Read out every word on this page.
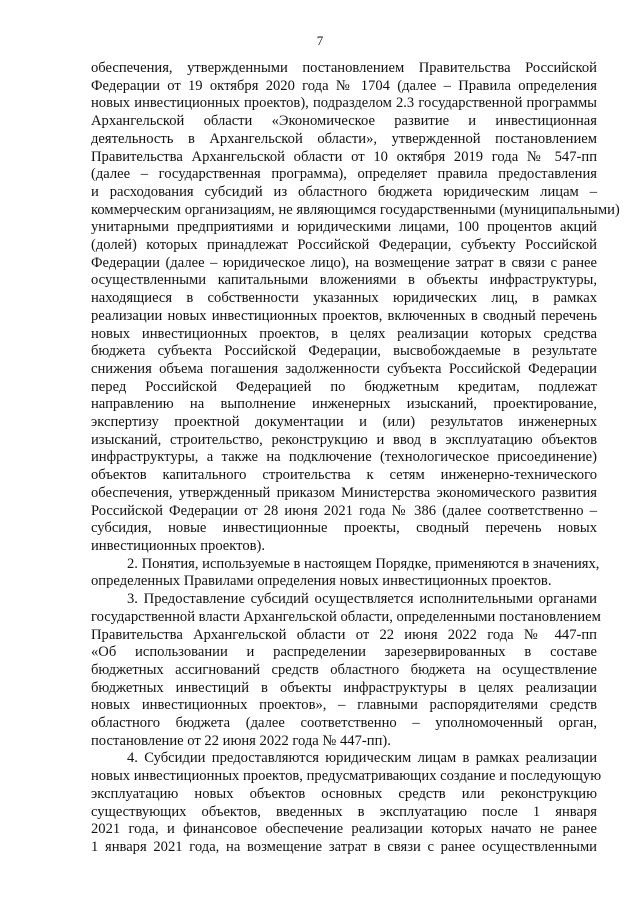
7
обеспечения, утвержденными постановлением Правительства Российской
Федерации от 19 октября 2020 года № 1704 (далее – Правила определения
новых инвестиционных проектов), подразделом 2.3 государственной программы
Архангельской области «Экономическое развитие и инвестиционная
деятельность в Архангельской области», утвержденной постановлением
Правительства Архангельской области от 10 октября 2019 года № 547-пп
(далее – государственная программа), определяет правила предоставления
и расходования субсидий из областного бюджета юридическим лицам –
коммерческим организациям, не являющимся государственными (муниципальными)
унитарными предприятиями и юридическими лицами, 100 процентов акций
(долей) которых принадлежат Российской Федерации, субъекту Российской
Федерации (далее – юридическое лицо), на возмещение затрат в связи с ранее
осуществленными капитальными вложениями в объекты инфраструктуры,
находящиеся в собственности указанных юридических лиц, в рамках
реализации новых инвестиционных проектов, включенных в сводный перечень
новых инвестиционных проектов, в целях реализации которых средства
бюджета субъекта Российской Федерации, высвобождаемые в результате
снижения объема погашения задолженности субъекта Российской Федерации
перед Российской Федерацией по бюджетным кредитам, подлежат
направлению на выполнение инженерных изысканий, проектирование,
экспертизу проектной документации и (или) результатов инженерных
изысканий, строительство, реконструкцию и ввод в эксплуатацию объектов
инфраструктуры, а также на подключение (технологическое присоединение)
объектов капитального строительства к сетям инженерно-технического
обеспечения, утвержденный приказом Министерства экономического развития
Российской Федерации от 28 июня 2021 года № 386 (далее соответственно –
субсидия, новые инвестиционные проекты, сводный перечень новых
инвестиционных проектов).
2. Понятия, используемые в настоящем Порядке, применяются в значениях,
определенных Правилами определения новых инвестиционных проектов.
3. Предоставление субсидий осуществляется исполнительными органами
государственной власти Архангельской области, определенными постановлением
Правительства Архангельской области от 22 июня 2022 года № 447-пп
«Об использовании и распределении зарезервированных в составе
бюджетных ассигнований средств областного бюджета на осуществление
бюджетных инвестиций в объекты инфраструктуры в целях реализации
новых инвестиционных проектов», – главными распорядителями средств
областного бюджета (далее соответственно – уполномоченный орган,
постановление от 22 июня 2022 года № 447-пп).
4. Субсидии предоставляются юридическим лицам в рамках реализации
новых инвестиционных проектов, предусматривающих создание и последующую
эксплуатацию новых объектов основных средств или реконструкцию
существующих объектов, введенных в эксплуатацию после 1 января
2021 года, и финансовое обеспечение реализации которых начато не ранее
1 января 2021 года, на возмещение затрат в связи с ранее осуществленными
